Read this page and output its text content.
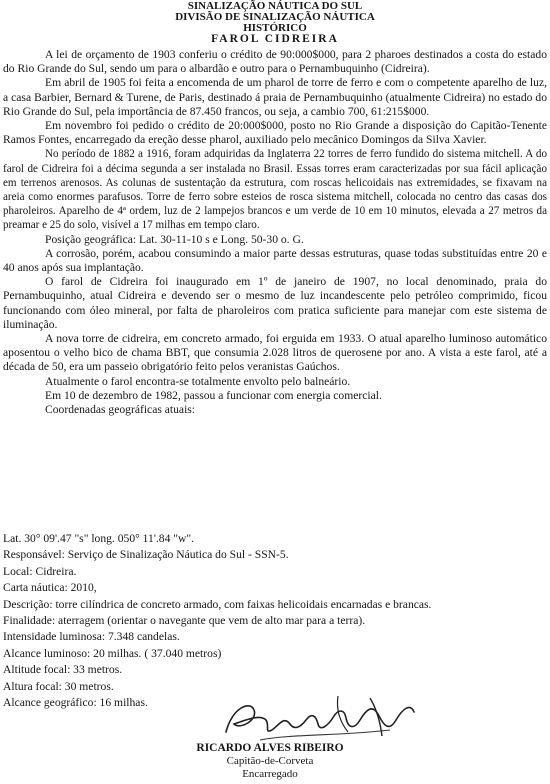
SINALIZAÇÃO NÁUTICA DO SUL

DIVISÃO DE SINALIZAÇÃO NÁUTICA

HISTÓRICO

FAROL CIDREIRA

A lei de orçamento de 1903 conferiu o crédito de 90:000$000, para 2 pharoes destinados a costa do estado do Rio Grande do Sul, sendo um para o albardão e outro para o Pernambuquinho (Cidreira).

Em abril de 1905 foi feita a encomenda de um pharol de torre de ferro e com o competente aparelho de luz, a casa Barbier, Bernard & Turene, de Paris, destinado á praia de Pernambuquinho (atualmente Cidreira) no estado do Rio Grande do Sul, pela importância de 87.450 francos, ou seja, a cambio 700, 61:215$000.

Em novembro foi pedido o crédito de 20:000$000, posto no Rio Grande a disposição do Capitão-Tenente Ramos Fontes, encarregado da ereção desse pharol, auxiliado pelo mecânico Domingos da Silva Xavier.

No período de 1882 a 1916, foram adquiridas da Inglaterra 22 torres de ferro fundido do sistema mitchell. A do farol de Cidreira foi a décima segunda a ser instalada no Brasil. Essas torres eram caracterizadas por sua fácil aplicação em terrenos arenosos. As colunas de sustentação da estrutura, com roscas helicoidais nas extremidades, se fixavam na areia como enormes parafusos. Torre de ferro sobre esteios de rosca sistema mitchell, colocada no centro das casas dos pharoleiros. Aparelho de 4ª ordem, luz de 2 lampejos brancos e um verde de 10 em 10 minutos, elevada a 27 metros da preamar e 25 do solo, visível a 17 milhas em tempo claro.

Posição geográfica: Lat. 30-11-10 s e Long. 50-30 o. G.

A corrosão, porém, acabou consumindo a maior parte dessas estruturas, quase todas substituídas entre 20 e 40 anos após sua implantação.

O farol de Cidreira foi inaugurado em 1º de janeiro de 1907, no local denominado, praia do Pernambuquinho, atual Cidreira e devendo ser o mesmo de luz incandescente pelo petróleo comprimido, ficou funcionando com óleo mineral, por falta de pharoleiros com pratica suficiente para manejar com este sistema de iluminação.

A nova torre de cidreira, em concreto armado, foi erguida em 1933. O atual aparelho luminoso automático aposentou o velho bico de chama BBT, que consumia 2.028 litros de querosene por ano. A vista a este farol, até a década de 50, era um passeio obrigatório feito pelos veranistas Gaúchos.

Atualmente o farol encontra-se totalmente envolto pelo balneário.

Em 10 de dezembro de 1982, passou a funcionar com energia comercial.

Coordenadas geográficas atuais:

Lat. 30° 09'.47 "s" long. 050° 11'.84 "w".
Responsável: Serviço de Sinalização Náutica do Sul - SSN-5.
Local: Cidreira.
Carta náutica: 2010,
Descrição: torre cilíndrica de concreto armado, com faixas helicoidais encarnadas e brancas.
Finalidade: aterragem (orientar o navegante que vem de alto mar para a terra).
Intensidade luminosa: 7.348 candelas.
Alcance luminoso: 20 milhas. ( 37.040 metros)
Altitude focal: 33 metros.
Altura focal: 30 metros.
Alcance geográfico: 16 milhas.
RICARDO ALVES RIBEIRO
Capitão-de-Corveta
Encarregado
